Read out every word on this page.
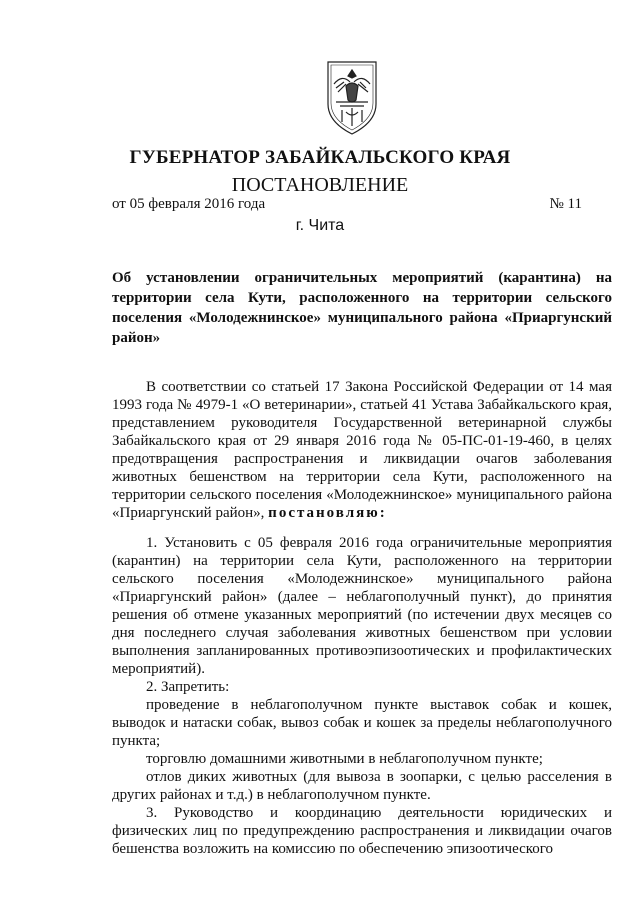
ГУБЕРНАТОР ЗАБАЙКАЛЬСКОГО КРАЯ
ПОСТАНОВЛЕНИЕ
от 05 февраля 2016 года	№ 11
г. Чита
Об установлении ограничительных мероприятий (карантина) на территории села Кути, расположенного на территории сельского поселения «Молодежнинское» муниципального района «Приаргунский район»

В соответствии со статьей 17 Закона Российской Федерации от 14 мая 1993 года № 4979-1 «О ветеринарии», статьей 41 Устава Забайкальского края, представлением руководителя Государственной ветеринарной службы Забайкальского края от 29 января 2016 года № 05-ПС-01-19-460, в целях предотвращения распространения и ликвидации очагов заболевания животных бешенством на территории села Кути, расположенного на территории сельского поселения «Молодежнинское» муниципального района «Приаргунский район», постановляю:

1. Установить с 05 февраля 2016 года ограничительные мероприятия (карантин) на территории села Кути, расположенного на территории сельского поселения «Молодежнинское» муниципального района «Приаргунский район» (далее – неблагополучный пункт), до принятия решения об отмене указанных мероприятий (по истечении двух месяцев со дня последнего случая заболевания животных бешенством при условии выполнения запланированных противоэпизоотических и профилактических мероприятий).

2. Запретить:

проведение в неблагополучном пункте выставок собак и кошек, выводок и натаски собак, вывоз собак и кошек за пределы неблагополучного пункта;

торговлю домашними животными в неблагополучном пункте;

отлов диких животных (для вывоза в зоопарки, с целью расселения в других районах и т.д.) в неблагополучном пункте.

3. Руководство и координацию деятельности юридических и физических лиц по предупреждению распространения и ликвидации очагов бешенства возложить на комиссию по обеспечению эпизоотического
